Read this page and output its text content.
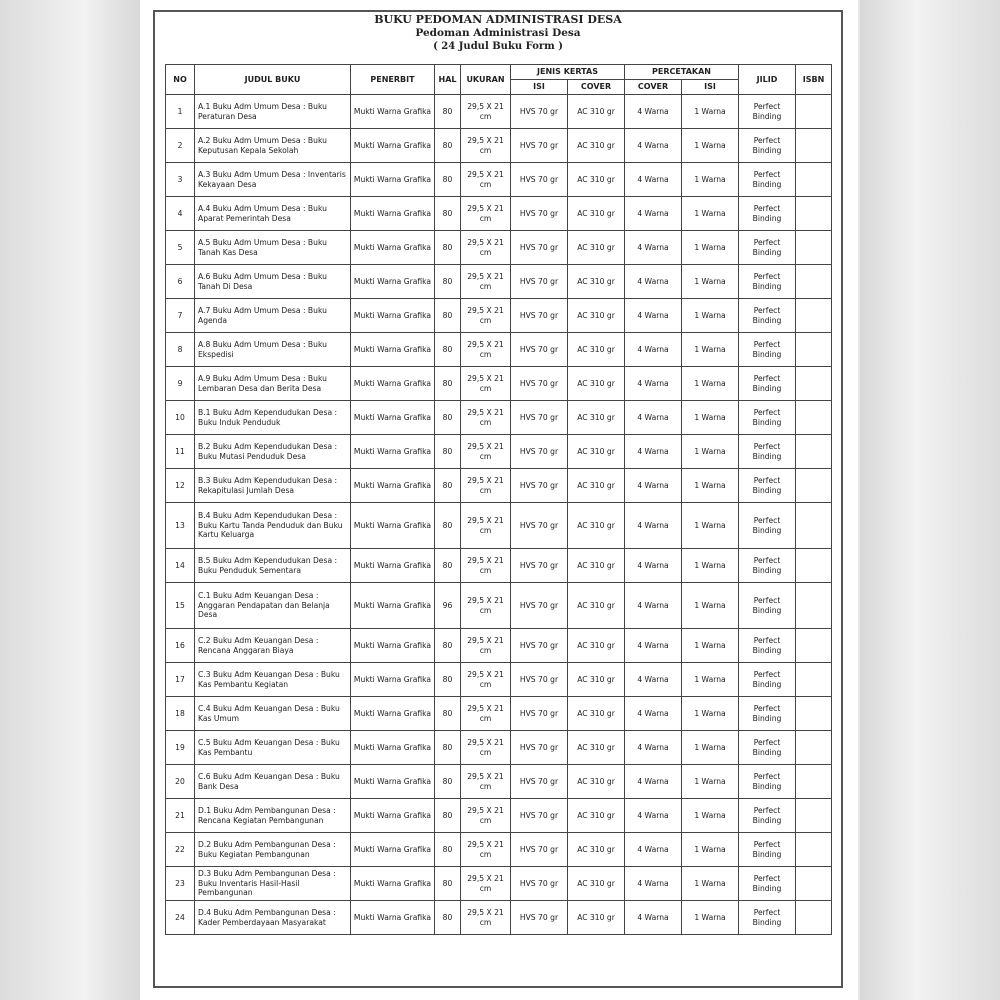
BUKU PEDOMAN ADMINISTRASI DESA
Pedoman Administrasi Desa
( 24 Judul Buku Form )
NO	JUDUL BUKU	PENERBIT	HAL	UKURAN	JENIS KERTAS		PERCETAKAN		JILID	ISBN
					ISI	COVER	COVER	ISI		
1	A.1 Buku Adm Umum Desa : Buku Peraturan Desa	Mukti Warna Grafika	80	29,5 X 21 cm	HVS 70 gr	AC 310 gr	4 Warna	1 Warna	Perfect Binding	
2	A.2 Buku Adm Umum Desa : Buku Keputusan Kepala Sekolah	Mukti Warna Grafika	80	29,5 X 21 cm	HVS 70 gr	AC 310 gr	4 Warna	1 Warna	Perfect Binding	
3	A.3 Buku Adm Umum Desa : Inventaris Kekayaan Desa	Mukti Warna Grafika	80	29,5 X 21 cm	HVS 70 gr	AC 310 gr	4 Warna	1 Warna	Perfect Binding	
4	A.4 Buku Adm Umum Desa : Buku Aparat Pemerintah Desa	Mukti Warna Grafika	80	29,5 X 21 cm	HVS 70 gr	AC 310 gr	4 Warna	1 Warna	Perfect Binding	
5	A.5 Buku Adm Umum Desa : Buku Tanah Kas Desa	Mukti Warna Grafika	80	29,5 X 21 cm	HVS 70 gr	AC 310 gr	4 Warna	1 Warna	Perfect Binding	
6	A.6 Buku Adm Umum Desa : Buku Tanah Di Desa	Mukti Warna Grafika	80	29,5 X 21 cm	HVS 70 gr	AC 310 gr	4 Warna	1 Warna	Perfect Binding	
7	A.7 Buku Adm Umum Desa : Buku Agenda	Mukti Warna Grafika	80	29,5 X 21 cm	HVS 70 gr	AC 310 gr	4 Warna	1 Warna	Perfect Binding	
8	A.8 Buku Adm Umum Desa : Buku Ekspedisi	Mukti Warna Grafika	80	29,5 X 21 cm	HVS 70 gr	AC 310 gr	4 Warna	1 Warna	Perfect Binding	
9	A.9 Buku Adm Umum Desa : Buku Lembaran Desa dan Berita Desa	Mukti Warna Grafika	80	29,5 X 21 cm	HVS 70 gr	AC 310 gr	4 Warna	1 Warna	Perfect Binding	
10	B.1 Buku Adm Kependudukan Desa : Buku Induk Penduduk	Mukti Warna Grafika	80	29,5 X 21 cm	HVS 70 gr	AC 310 gr	4 Warna	1 Warna	Perfect Binding	
11	B.2 Buku Adm Kependudukan Desa : Buku Mutasi Penduduk Desa	Mukti Warna Grafika	80	29,5 X 21 cm	HVS 70 gr	AC 310 gr	4 Warna	1 Warna	Perfect Binding	
12	B.3 Buku Adm Kependudukan Desa : Rekapitulasi Jumlah Desa	Mukti Warna Grafika	80	29,5 X 21 cm	HVS 70 gr	AC 310 gr	4 Warna	1 Warna	Perfect Binding	
13	B.4 Buku Adm Kependudukan Desa : Buku Kartu Tanda Penduduk dan Buku Kartu Keluarga	Mukti Warna Grafika	80	29,5 X 21 cm	HVS 70 gr	AC 310 gr	4 Warna	1 Warna	Perfect Binding	
14	B.5 Buku Adm Kependudukan Desa : Buku Penduduk Sementara	Mukti Warna Grafika	80	29,5 X 21 cm	HVS 70 gr	AC 310 gr	4 Warna	1 Warna	Perfect Binding	
15	C.1 Buku Adm Keuangan Desa : Anggaran Pendapatan dan Belanja Desa	Mukti Warna Grafika	96	29,5 X 21 cm	HVS 70 gr	AC 310 gr	4 Warna	1 Warna	Perfect Binding	
16	C.2 Buku Adm Keuangan Desa : Rencana Anggaran Biaya	Mukti Warna Grafika	80	29,5 X 21 cm	HVS 70 gr	AC 310 gr	4 Warna	1 Warna	Perfect Binding	
17	C.3 Buku Adm Keuangan Desa : Buku Kas Pembantu Kegiatan	Mukti Warna Grafika	80	29,5 X 21 cm	HVS 70 gr	AC 310 gr	4 Warna	1 Warna	Perfect Binding	
18	C.4 Buku Adm Keuangan Desa : Buku Kas Umum	Mukti Warna Grafika	80	29,5 X 21 cm	HVS 70 gr	AC 310 gr	4 Warna	1 Warna	Perfect Binding	
19	C.5 Buku Adm Keuangan Desa : Buku Kas Pembantu	Mukti Warna Grafika	80	29,5 X 21 cm	HVS 70 gr	AC 310 gr	4 Warna	1 Warna	Perfect Binding	
20	C.6 Buku Adm Keuangan Desa : Buku Bank Desa	Mukti Warna Grafika	80	29,5 X 21 cm	HVS 70 gr	AC 310 gr	4 Warna	1 Warna	Perfect Binding	
21	D.1 Buku Adm Pembangunan Desa : Rencana Kegiatan Pembangunan	Mukti Warna Grafika	80	29,5 X 21 cm	HVS 70 gr	AC 310 gr	4 Warna	1 Warna	Perfect Binding	
22	D.2 Buku Adm Pembangunan Desa : Buku Kegiatan Pembangunan	Mukti Warna Grafika	80	29,5 X 21 cm	HVS 70 gr	AC 310 gr	4 Warna	1 Warna	Perfect Binding	
23	D.3 Buku Adm Pembangunan Desa : Buku Inventaris Hasil-Hasil Pembangunan	Mukti Warna Grafika	80	29,5 X 21 cm	HVS 70 gr	AC 310 gr	4 Warna	1 Warna	Perfect Binding	
24	D.4 Buku Adm Pembangunan Desa : Kader Pemberdayaan Masyarakat	Mukti Warna Grafika	80	29,5 X 21 cm	HVS 70 gr	AC 310 gr	4 Warna	1 Warna	Perfect Binding	
